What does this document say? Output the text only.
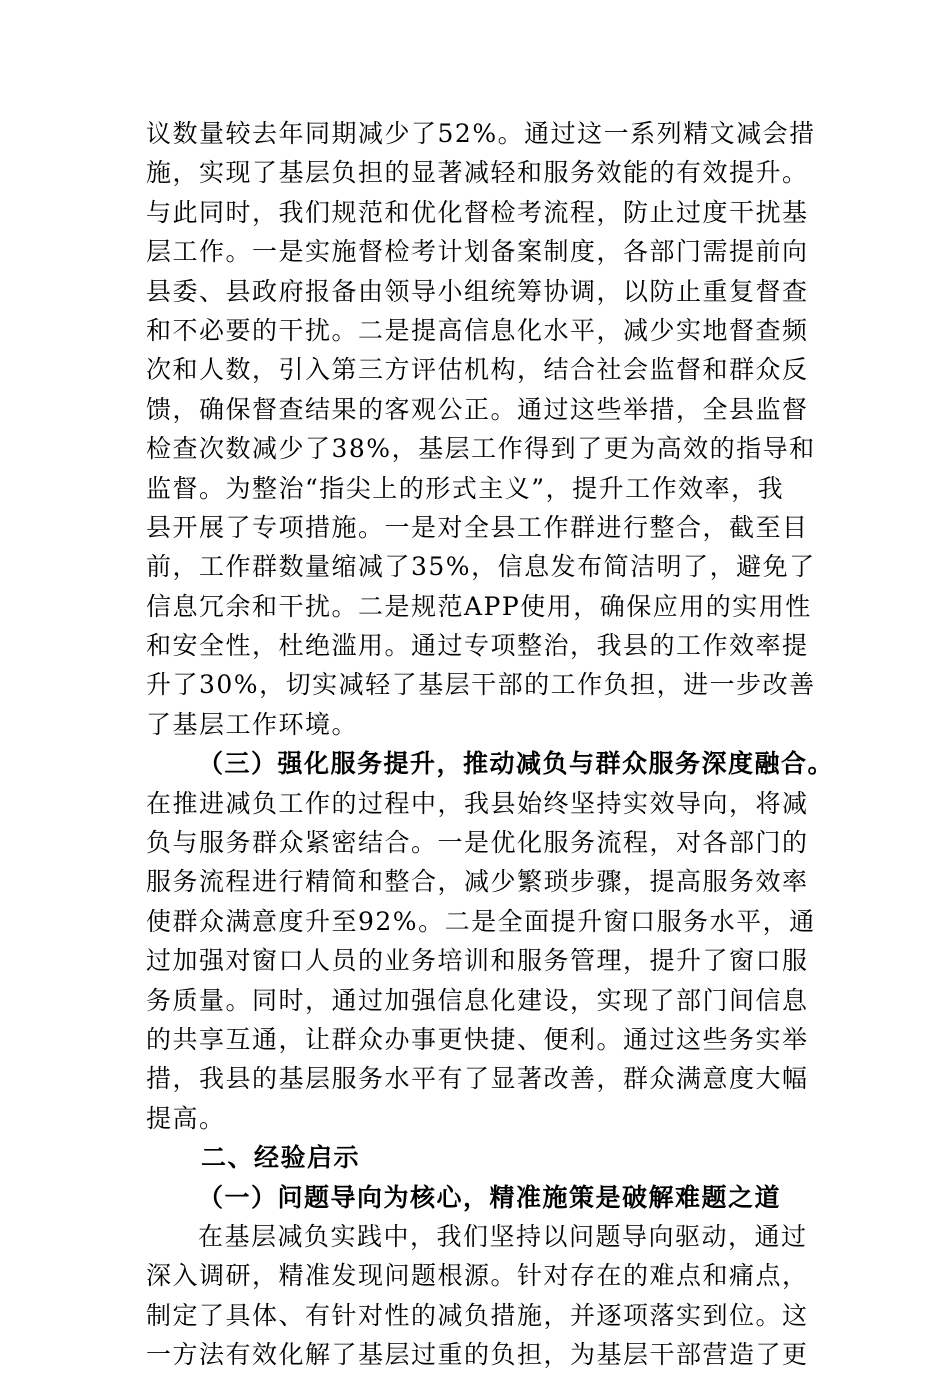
议数量较去年同期减少了52%。通过这一系列精文减会措
施，实现了基层负担的显著减轻和服务效能的有效提升。
与此同时，我们规范和优化督检考流程，防止过度干扰基
层工作。一是实施督检考计划备案制度，各部门需提前向
县委、县政府报备由领导小组统筹协调，以防止重复督查
和不必要的干扰。二是提高信息化水平，减少实地督查频
次和人数，引入第三方评估机构，结合社会监督和群众反
馈，确保督查结果的客观公正。通过这些举措，全县监督
检查次数减少了38%，基层工作得到了更为高效的指导和
监督。为整治“指尖上的形式主义”，提升工作效率，我
县开展了专项措施。一是对全县工作群进行整合，截至目
前，工作群数量缩减了35%，信息发布简洁明了，避免了
信息冗余和干扰。二是规范APP使用，确保应用的实用性
和安全性，杜绝滥用。通过专项整治，我县的工作效率提
升了30%，切实减轻了基层干部的工作负担，进一步改善
了基层工作环境。
（三）强化服务提升，推动减负与群众服务深度融合。
在推进减负工作的过程中，我县始终坚持实效导向，将减
负与服务群众紧密结合。一是优化服务流程，对各部门的
服务流程进行精简和整合，减少繁琐步骤，提高服务效率
使群众满意度升至92%。二是全面提升窗口服务水平，通
过加强对窗口人员的业务培训和服务管理，提升了窗口服
务质量。同时，通过加强信息化建设，实现了部门间信息
的共享互通，让群众办事更快捷、便利。通过这些务实举
措，我县的基层服务水平有了显著改善，群众满意度大幅
提高。
二、经验启示
（一）问题导向为核心，精准施策是破解难题之道
在基层减负实践中，我们坚持以问题导向驱动，通过
深入调研，精准发现问题根源。针对存在的难点和痛点，
制定了具体、有针对性的减负措施，并逐项落实到位。这
一方法有效化解了基层过重的负担，为基层干部营造了更
